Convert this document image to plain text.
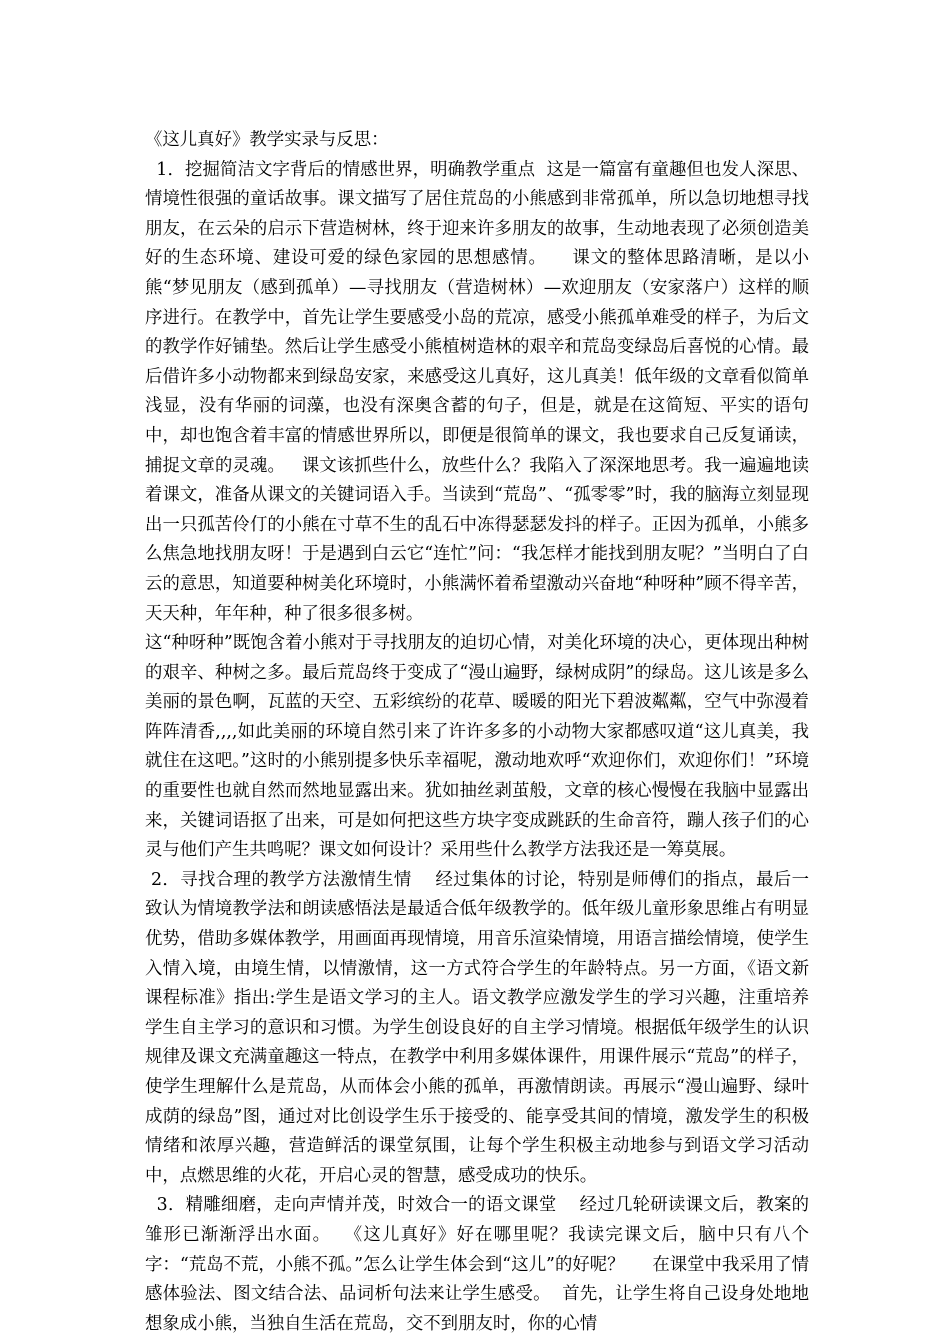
《这儿真好》教学实录与反思：

1．挖掘简洁文字背后的情感世界，明确教学重点  这是一篇富有童趣但也发人深思、情境性很强的童话故事。课文描写了居住荒岛的小熊感到非常孤单，所以急切地想寻找朋友，在云朵的启示下营造树林，终于迎来许多朋友的故事，生动地表现了必须创造美好的生态环境、建设可爱的绿色家园的思想感情。    课文的整体思路清晰，是以小熊“梦见朋友（感到孤单）—寻找朋友（营造树林）—欢迎朋友（安家落户）这样的顺序进行。在教学中，首先让学生要感受小岛的荒凉，感受小熊孤单难受的样子，为后文的教学作好铺垫。然后让学生感受小熊植树造林的艰辛和荒岛变绿岛后喜悦的心情。最后借许多小动物都来到绿岛安家，来感受这儿真好，这儿真美！低年级的文章看似简单浅显，没有华丽的词藻，也没有深奥含蓄的句子，但是，就是在这简短、平实的语句中，却也饱含着丰富的情感世界所以，即便是很简单的课文，我也要求自己反复诵读，捕捉文章的灵魂。   课文该抓些什么，放些什么？我陷入了深深地思考。我一遍遍地读着课文，准备从课文的关键词语入手。当读到“荒岛”、“孤零零”时，我的脑海立刻显现出一只孤苦伶仃的小熊在寸草不生的乱石中冻得瑟瑟发抖的样子。正因为孤单，小熊多么焦急地找朋友呀！于是遇到白云它“连忙”问：“我怎样才能找到朋友呢？”当明白了白云的意思，知道要种树美化环境时，小熊满怀着希望激动兴奋地“种呀种”顾不得辛苦，天天种，年年种，种了很多很多树。

这“种呀种”既饱含着小熊对于寻找朋友的迫切心情，对美化环境的决心，更体现出种树的艰辛、种树之多。最后荒岛终于变成了“漫山遍野，绿树成阴”的绿岛。这儿该是多么美丽的景色啊，瓦蓝的天空、五彩缤纷的花草、暖暖的阳光下碧波粼粼，空气中弥漫着阵阵清香,,,,如此美丽的环境自然引来了许许多多的小动物大家都感叹道“这儿真美，我就住在这吧。”这时的小熊别提多快乐幸福呢，激动地欢呼“欢迎你们，欢迎你们！”环境的重要性也就自然而然地显露出来。犹如抽丝剥茧般，文章的核心慢慢在我脑中显露出来，关键词语抠了出来，可是如何把这些方块字变成跳跃的生命音符，蹦人孩子们的心灵与他们产生共鸣呢？课文如何设计？采用些什么教学方法我还是一筹莫展。

2．寻找合理的教学方法激情生情    经过集体的讨论，特别是师傅们的指点，最后一致认为情境教学法和朗读感悟法是最适合低年级教学的。低年级儿童形象思维占有明显优势，借助多媒体教学，用画面再现情境，用音乐渲染情境，用语言描绘情境，使学生入情入境，由境生情，以情激情，这一方式符合学生的年龄特点。另一方面，《语文新课程标准》指出:学生是语文学习的主人。语文教学应激发学生的学习兴趣，注重培养学生自主学习的意识和习惯。为学生创设良好的自主学习情境。根据低年级学生的认识规律及课文充满童趣这一特点，在教学中利用多媒体课件，用课件展示“荒岛”的样子，使学生理解什么是荒岛，从而体会小熊的孤单，再激情朗读。再展示“漫山遍野、绿叶成荫的绿岛”图，通过对比创设学生乐于接受的、能享受其间的情境，激发学生的积极情绪和浓厚兴趣，营造鲜活的课堂氛围，让每个学生积极主动地参与到语文学习活动中，点燃思维的火花，开启心灵的智慧，感受成功的快乐。

3．精雕细磨，走向声情并茂，时效合一的语文课堂    经过几轮研读课文后，教案的雏形已渐渐浮出水面。  《这儿真好》好在哪里呢？我读完课文后，脑中只有八个字：“荒岛不荒，小熊不孤。”怎么让学生体会到“这儿”的好呢？     在课堂中我采用了情感体验法、图文结合法、品词析句法来让学生感受。  首先，让学生将自己设身处地地想象成小熊，当独自生活在荒岛，交不到朋友时，你的心情
